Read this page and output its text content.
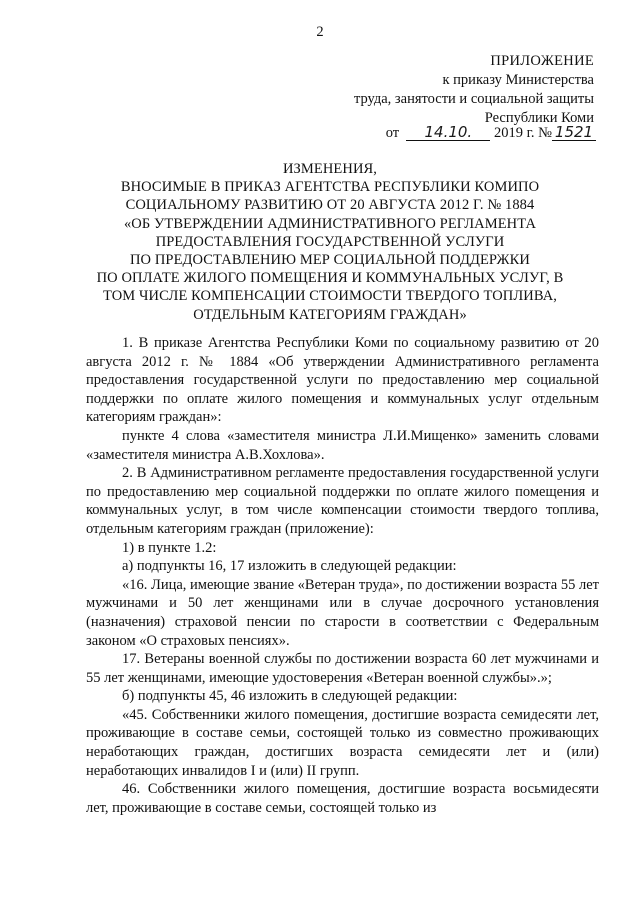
2
ПРИЛОЖЕНИЕ
к приказу Министерства
труда, занятости и социальной защиты
Республики Коми
от 14.10. 2019 г. № 1521
ИЗМЕНЕНИЯ,
ВНОСИМЫЕ В ПРИКАЗ АГЕНТСТВА РЕСПУБЛИКИ КОМИПО
СОЦИАЛЬНОМУ РАЗВИТИЮ ОТ 20 АВГУСТА 2012 Г. № 1884
«ОБ УТВЕРЖДЕНИИ АДМИНИСТРАТИВНОГО РЕГЛАМЕНТА
ПРЕДОСТАВЛЕНИЯ ГОСУДАРСТВЕННОЙ УСЛУГИ
ПО ПРЕДОСТАВЛЕНИЮ МЕР СОЦИАЛЬНОЙ ПОДДЕРЖКИ
ПО ОПЛАТЕ ЖИЛОГО ПОМЕЩЕНИЯ И КОММУНАЛЬНЫХ УСЛУГ, В
ТОМ ЧИСЛЕ КОМПЕНСАЦИИ СТОИМОСТИ ТВЕРДОГО ТОПЛИВА,
ОТДЕЛЬНЫМ КАТЕГОРИЯМ ГРАЖДАН»

1. В приказе Агентства Республики Коми по социальному развитию от 20 августа 2012 г. № 1884 «Об утверждении Административного регламента предоставления государственной услуги по предоставлению мер социальной поддержки по оплате жилого помещения и коммунальных услуг отдельным категориям граждан»:

пункте 4 слова «заместителя министра Л.И.Мищенко» заменить словами «заместителя министра А.В.Хохлова».

2. В Административном регламенте предоставления государственной услуги по предоставлению мер социальной поддержки по оплате жилого помещения и коммунальных услуг, в том числе компенсации стоимости твердого топлива, отдельным категориям граждан (приложение):

1) в пункте 1.2:

а) подпункты 16, 17 изложить в следующей редакции:

«16. Лица, имеющие звание «Ветеран труда», по достижении возраста 55 лет мужчинами и 50 лет женщинами или в случае досрочного установления (назначения) страховой пенсии по старости в соответствии с Федеральным законом «О страховых пенсиях».

17. Ветераны военной службы по достижении возраста 60 лет мужчинами и 55 лет женщинами, имеющие удостоверения «Ветеран военной службы».»;

б) подпункты 45, 46 изложить в следующей редакции:

«45. Собственники жилого помещения, достигшие возраста семидесяти лет, проживающие в составе семьи, состоящей только из совместно проживающих неработающих граждан, достигших возраста семидесяти лет и (или) неработающих инвалидов I и (или) II групп.

46. Собственники жилого помещения, достигшие возраста восьмидесяти лет, проживающие в составе семьи, состоящей только из
